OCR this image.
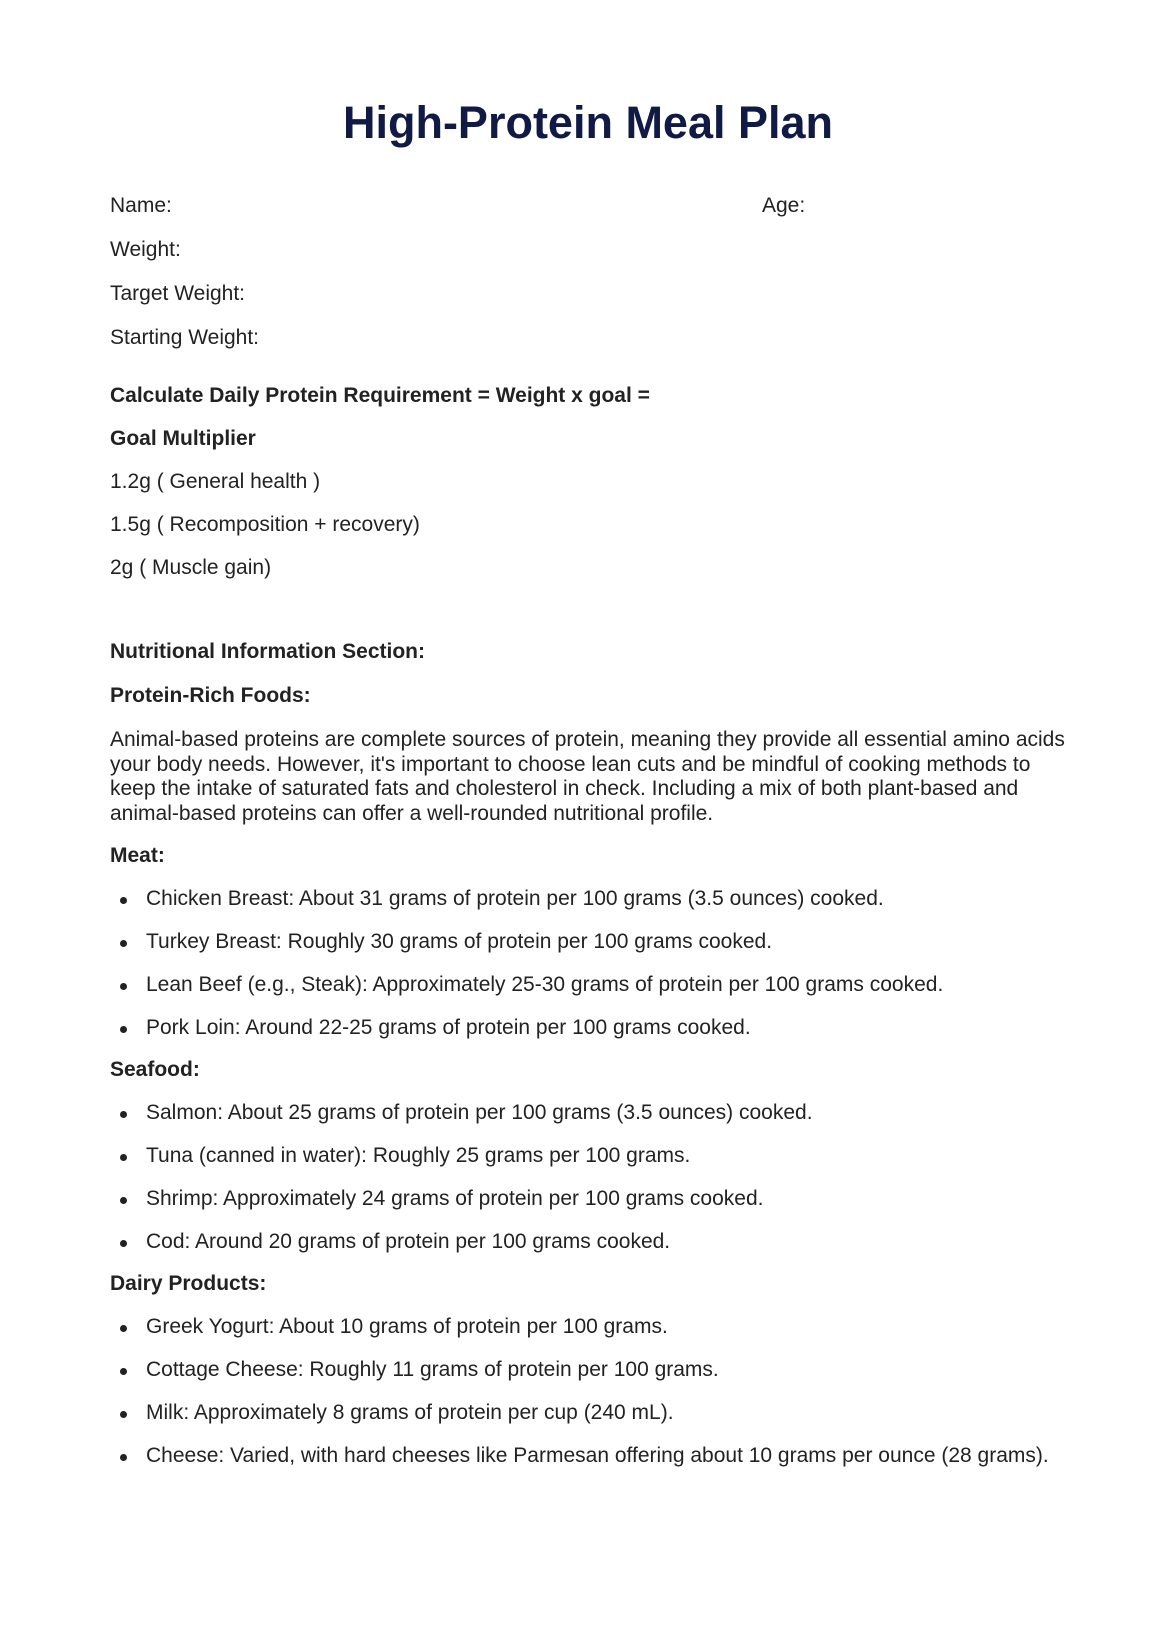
High-Protein Meal Plan
Name:	Age:
Weight:
Target Weight:
Starting Weight:

Calculate Daily Protein Requirement = Weight x goal =

Goal Multiplier

1.2g ( General health )

1.5g ( Recomposition + recovery)

2g ( Muscle gain)

Nutritional Information Section:

Protein-Rich Foods:

Animal-based proteins are complete sources of protein, meaning they provide all essential amino acids your body needs. However, it's important to choose lean cuts and be mindful of cooking methods to keep the intake of saturated fats and cholesterol in check. Including a mix of both plant-based and animal-based proteins can offer a well-rounded nutritional profile.

Meat:

Chicken Breast: About 31 grams of protein per 100 grams (3.5 ounces) cooked.
Turkey Breast: Roughly 30 grams of protein per 100 grams cooked.
Lean Beef (e.g., Steak): Approximately 25-30 grams of protein per 100 grams cooked.
Pork Loin: Around 22-25 grams of protein per 100 grams cooked.

Seafood:

Salmon: About 25 grams of protein per 100 grams (3.5 ounces) cooked.
Tuna (canned in water): Roughly 25 grams per 100 grams.
Shrimp: Approximately 24 grams of protein per 100 grams cooked.
Cod: Around 20 grams of protein per 100 grams cooked.

Dairy Products:

Greek Yogurt: About 10 grams of protein per 100 grams.
Cottage Cheese: Roughly 11 grams of protein per 100 grams.
Milk: Approximately 8 grams of protein per cup (240 mL).
Cheese: Varied, with hard cheeses like Parmesan offering about 10 grams per ounce (28 grams).
